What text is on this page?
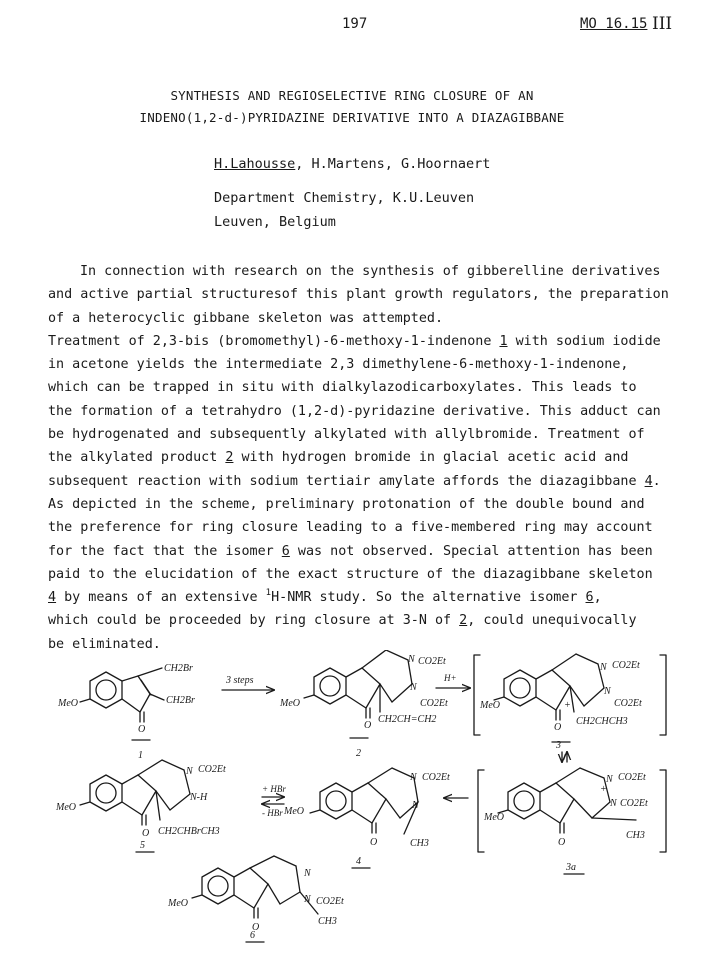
197	MO 16.15 III
SYNTHESIS AND REGIOSELECTIVE RING CLOSURE OF AN
INDENO(1,2-d-)PYRIDAZINE DERIVATIVE INTO A DIAZAGIBBANE
H.Lahousse, H.Martens, G.Hoornaert
Department Chemistry, K.U.Leuven
Leuven, Belgium
In connection with research on the synthesis of gibberelline derivatives
and active partial structuresof this plant growth regulators, the preparation
of a heterocyclic gibbane skeleton was attempted.
Treatment of 2,3-bis (bromomethyl)-6-methoxy-1-indenone 1 with sodium iodide
in acetone yields the intermediate 2,3 dimethylene-6-methoxy-1-indenone,
which can be trapped in situ with dialkylazodicarboxylates. This leads to
the formation of a tetrahydro (1,2-d)-pyridazine derivative. This adduct can
be hydrogenated and subsequently alkylated with allylbromide. Treatment of
the alkylated product 2 with hydrogen bromide in glacial acetic acid and
subsequent reaction with sodium tertiair amylate affords the diazagibbane 4.
As depicted in the scheme, preliminary protonation of the double bound and
the preference for ring closure leading to a five-membered ring may account
for the fact that the isomer 6 was not observed. Special attention has been
paid to the elucidation of the exact structure of the diazagibbane skeleton
4 by means of an extensive $^1$H-NMR study. So the alternative isomer 6,
which could be proceeded by ring closure at 3-N of 2, could unequivocally
be eliminated.
MeO
O
CH2Br
CH2Br
1
3 steps	H+
+ HBr
- HBr
MeO
O
N CO2Et
N
CO2Et
CH2CH=CH2
2
MeO
O
+
N CO2Et
N
CO2Et
CH2CHCH3
3
MeO
O
N CO2Et
+
N CO2Et
CH3
3a
MeO
O
N CO2Et
N
CH3
4
MeO
O
N CO2Et
N-H
CH2CHBrCH3
5
MeO
O
N
N CO2Et
CH3
6
